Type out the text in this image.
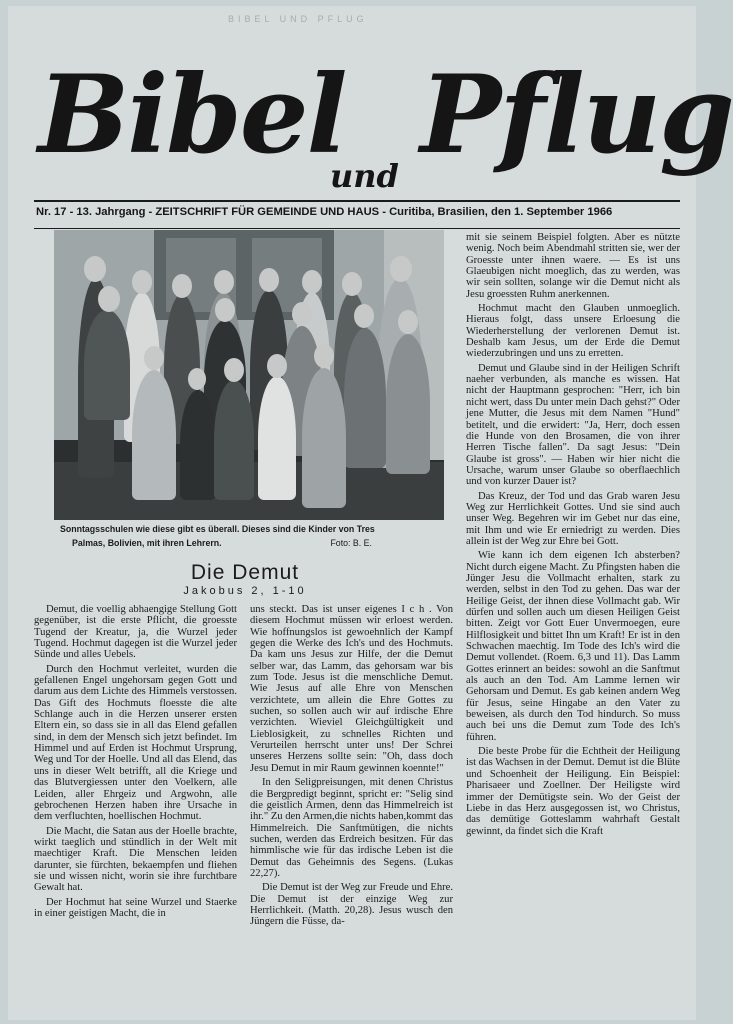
BIBEL UND PFLUG
Bibel
und Pflug
Nr. 17 - 13. Jahrgang - ZEITSCHRIFT FÜR GEMEINDE UND HAUS - Curitiba, Brasilien, den 1. September 1966
Sonntagsschulen wie diese gibt es überall. Dieses sind die Kinder von Tres
Palmas, Bolivien, mit ihren Lehrern.	Foto: B. E.
Die Demut
Jakobus 2, 1-10

Demut, die voellig abhaengige Stellung Gott gegenüber, ist die erste Pflicht, die groesste Tugend der Kreatur, ja, die Wurzel jeder Tugend. Hochmut dagegen ist die Wurzel jeder Sünde und alles Uebels.

Durch den Hochmut verleitet, wurden die gefallenen Engel ungehorsam gegen Gott und darum aus dem Lichte des Himmels verstossen. Das Gift des Hochmuts floesste die alte Schlange auch in die Herzen unserer ersten Eltern ein, so dass sie in all das Elend gefallen sind, in dem der Mensch sich jetzt befindet. Im Himmel und auf Erden ist Hochmut Ursprung, Weg und Tor der Hoelle. Und all das Elend, das uns in dieser Welt betrifft, all die Kriege und das Blutvergiessen unter den Voelkern, alle Leiden, aller Ehrgeiz und Argwohn, alle gebrochenen Herzen haben ihre Ursache in dem verfluchten, hoellischen Hochmut.

Die Macht, die Satan aus der Hoelle brachte, wirkt taeglich und stündlich in der Welt mit maechtiger Kraft. Die Menschen leiden darunter, sie fürchten, bekaempfen und fliehen sie und wissen nicht, worin sie ihre furchtbare Gewalt hat.

Der Hochmut hat seine Wurzel und Staerke in einer geistigen Macht, die in

uns steckt. Das ist unser eigenes I c h . Von diesem Hochmut müssen wir erloest werden. Wie hoffnungslos ist gewoehnlich der Kampf gegen die Werke des Ich's und des Hochmuts. Da kam uns Jesus zur Hilfe, der die Demut selber war, das Lamm, das gehorsam war bis zum Tode. Jesus ist die menschliche Demut. Wie Jesus auf alle Ehre von Menschen verzichtete, um allein die Ehre Gottes zu suchen, so sollen auch wir auf irdische Ehre verzichten. Wieviel Gleichgültigkeit und Lieblosigkeit, zu schnelles Richten und Verurteilen herrscht unter uns! Der Schrei unseres Herzens sollte sein: "Oh, dass doch Jesu Demut in mir Raum gewinnen koennte!"

In den Seligpreisungen, mit denen Christus die Bergpredigt beginnt, spricht er: "Selig sind die geistlich Armen, denn das Himmelreich ist ihr." Zu den Armen,die nichts haben,kommt das Himmelreich. Die Sanftmütigen, die nichts suchen, werden das Erdreich besitzen. Für das himmlische wie für das irdische Leben ist die Demut das Geheimnis des Segens. (Lukas 22,27).

Die Demut ist der Weg zur Freude und Ehre. Die Demut ist der einzige Weg zur Herrlichkeit. (Matth. 20,28). Jesus wusch den Jüngern die Füsse, da-

mit sie seinem Beispiel folgten. Aber es nützte wenig. Noch beim Abendmahl stritten sie, wer der Groesste unter ihnen waere. — Es ist uns Glaeubigen nicht moeglich, das zu werden, was wir sein sollten, solange wir die Demut nicht als Jesu groessten Ruhm anerkennen.

Hochmut macht den Glauben unmoeglich. Hieraus folgt, dass unsere Erloesung die Wiederherstellung der verlorenen Demut ist. Deshalb kam Jesus, um der Erde die Demut wiederzubringen und uns zu erretten.

Demut und Glaube sind in der Heiligen Schrift naeher verbunden, als manche es wissen. Hat nicht der Hauptmann gesprochen: "Herr, ich bin nicht wert, dass Du unter mein Dach gehst?" Oder jene Mutter, die Jesus mit dem Namen "Hund" betitelt, und die erwidert: "Ja, Herr, doch essen die Hunde von den Brosamen, die von ihrer Herren Tische fallen". Da sagt Jesus: "Dein Glaube ist gross". — Haben wir hier nicht die Ursache, warum unser Glaube so oberflaechlich und von kurzer Dauer ist?

Das Kreuz, der Tod und das Grab waren Jesu Weg zur Herrlichkeit Gottes. Und sie sind auch unser Weg. Begehren wir im Gebet nur das eine, mit Ihm und wie Er erniedrigt zu werden. Dies allein ist der Weg zur Ehre bei Gott.

Wie kann ich dem eigenen Ich absterben? Nicht durch eigene Macht. Zu Pfingsten haben die Jünger Jesu die Vollmacht erhalten, stark zu werden, selbst in den Tod zu gehen. Das war der Heilige Geist, der ihnen diese Vollmacht gab. Wir dürfen und sollen auch um diesen Heiligen Geist bitten. Zeigt vor Gott Euer Unvermoegen, eure Hilflosigkeit und bittet Ihn um Kraft! Er ist in den Schwachen maechtig. Im Tode des Ich's wird die Demut vollendet. (Roem. 6,3 und 11). Das Lamm Gottes erinnert an beides: sowohl an die Sanftmut als auch an den Tod. Am Lamme lernen wir Gehorsam und Demut. Es gab keinen andern Weg für Jesus, seine Hingabe an den Vater zu beweisen, als durch den Tod hindurch. So muss auch bei uns die Demut zum Tode des Ich's führen.

Die beste Probe für die Echtheit der Heiligung ist das Wachsen in der Demut. Demut ist die Blüte und Schoenheit der Heiligung. Ein Beispiel: Pharisaeer und Zoellner. Der Heiligste wird immer der Demütigste sein. Wo der Geist der Liebe in das Herz ausgegossen ist, wo Christus, das demütige Gotteslamm wahrhaft Gestalt gewinnt, da findet sich die Kraft
